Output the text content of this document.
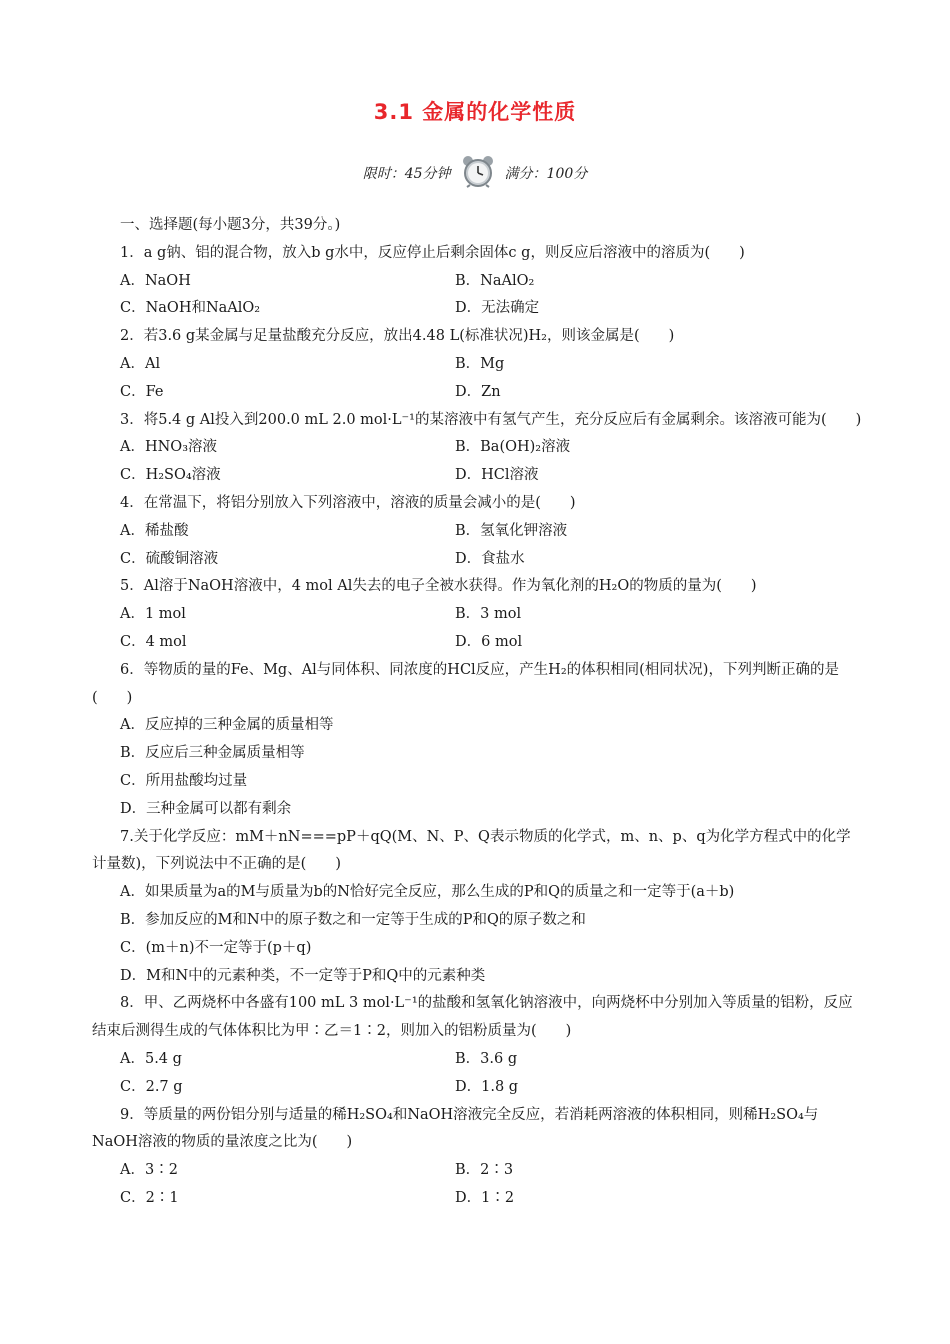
3.1 金属的化学性质
限时：45分钟	满分：100分
一、选择题(每小题3分，共39分。)

1．a g钠、铝的混合物，放入b g水中，反应停止后剩余固体c g，则反应后溶液中的溶质为(　　)

A．NaOH	B．NaAlO₂
C．NaOH和NaAlO₂	D．无法确定

2．若3.6 g某金属与足量盐酸充分反应，放出4.48 L(标准状况)H₂，则该金属是(　　)

A．Al	B．Mg
C．Fe	D．Zn

3．将5.4 g Al投入到200.0 mL 2.0 mol·L⁻¹的某溶液中有氢气产生，充分反应后有金属剩余。该溶液可能为(　　)

A．HNO₃溶液	B．Ba(OH)₂溶液
C．H₂SO₄溶液	D．HCl溶液

4．在常温下，将铝分别放入下列溶液中，溶液的质量会减小的是(　　)

A．稀盐酸	B．氢氧化钾溶液
C．硫酸铜溶液	D．食盐水

5．Al溶于NaOH溶液中，4 mol Al失去的电子全被水获得。作为氧化剂的H₂O的物质的量为(　　)

A．1 mol	B．3 mol
C．4 mol	D．6 mol

6．等物质的量的Fe、Mg、Al与同体积、同浓度的HCl反应，产生H₂的体积相同(相同状况)，下列判断正确的是(　　)

A．反应掉的三种金属的质量相等
B．反应后三种金属质量相等
C．所用盐酸均过量
D．三种金属可以都有剩余

7.关于化学反应：mM＋nN===pP＋qQ(M、N、P、Q表示物质的化学式，m、n、p、q为化学方程式中的化学计量数)，下列说法中不正确的是(　　)

A．如果质量为a的M与质量为b的N恰好完全反应，那么生成的P和Q的质量之和一定等于(a＋b)
B．参加反应的M和N中的原子数之和一定等于生成的P和Q的原子数之和
C．(m＋n)不一定等于(p＋q)
D．M和N中的元素种类，不一定等于P和Q中的元素种类

8．甲、乙两烧杯中各盛有100 mL 3 mol·L⁻¹的盐酸和氢氧化钠溶液中，向两烧杯中分别加入等质量的铝粉，反应结束后测得生成的气体体积比为甲∶乙＝1∶2，则加入的铝粉质量为(　　)

A．5.4 g	B．3.6 g
C．2.7 g	D．1.8 g

9．等质量的两份铝分别与适量的稀H₂SO₄和NaOH溶液完全反应，若消耗两溶液的体积相同，则稀H₂SO₄与NaOH溶液的物质的量浓度之比为(　　)

A．3∶2	B．2∶3
C．2∶1	D．1∶2
